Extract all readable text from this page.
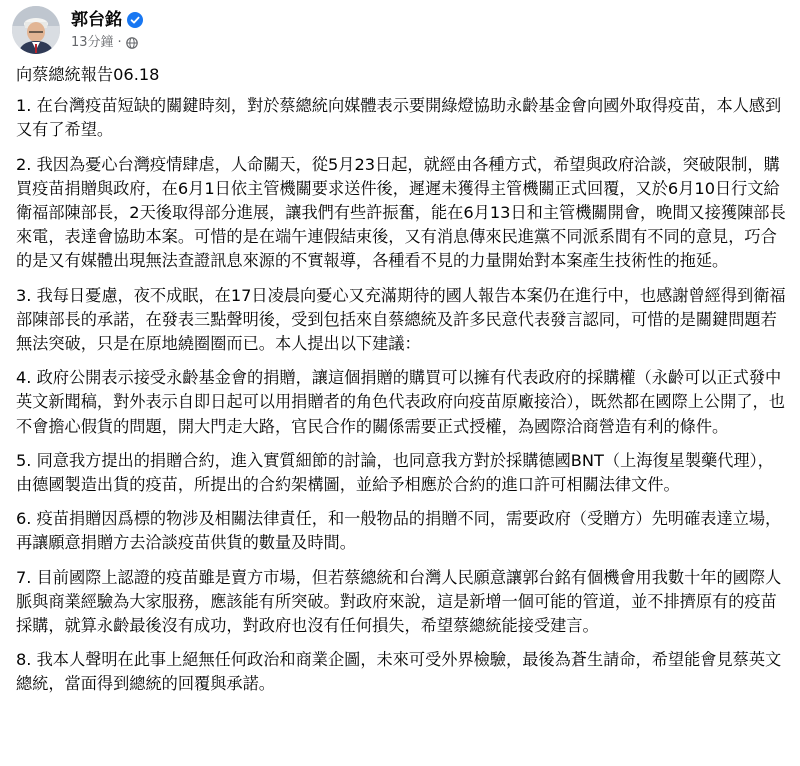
郭台銘
13分鐘 ·

向蔡總統報告06.18

1. 在台灣疫苗短缺的關鍵時刻，對於蔡總統向媒體表示要開綠燈協助永齡基金會向國外取得疫苗，本人感到又有了希望。

2. 我因為憂心台灣疫情肆虐，人命關天，從5月23日起，就經由各種方式，希望與政府洽談，突破限制，購買疫苗捐贈與政府，在6月1日依主管機關要求送件後，遲遲未獲得主管機關正式回覆，又於6月10日行文給衛福部陳部長，2天後取得部分進展，讓我們有些許振奮，能在6月13日和主管機關開會，晚間又接獲陳部長來電，表達會協助本案。可惜的是在端午連假結束後，又有消息傳來民進黨不同派系間有不同的意見，巧合的是又有媒體出現無法查證訊息來源的不實報導，各種看不見的力量開始對本案產生技術性的拖延。

3. 我每日憂慮，夜不成眠，在17日凌晨向憂心又充滿期待的國人報告本案仍在進行中，也感謝曾經得到衛福部陳部長的承諾，在發表三點聲明後，受到包括來自蔡總統及許多民意代表發言認同，可惜的是關鍵問題若無法突破，只是在原地繞圈圈而已。本人提出以下建議：

4. 政府公開表示接受永齡基金會的捐贈，讓這個捐贈的購買可以擁有代表政府的採購權（永齡可以正式發中英文新聞稿，對外表示自即日起可以用捐贈者的角色代表政府向疫苗原廠接洽），既然都在國際上公開了，也不會擔心假貨的問題，開大門走大路，官民合作的關係需要正式授權，為國際洽商營造有利的條件。

5. 同意我方提出的捐贈合約，進入實質細節的討論，也同意我方對於採購德國BNT（上海復星製藥代理），由德國製造出貨的疫苗，所提出的合約架構圖，並給予相應於合約的進口許可相關法律文件。

6. 疫苗捐贈因爲標的物涉及相關法律責任，和一般物品的捐贈不同，需要政府（受贈方）先明確表達立場，再讓願意捐贈方去洽談疫苗供貨的數量及時間。

7. 目前國際上認證的疫苗雖是賣方市場，但若蔡總統和台灣人民願意讓郭台銘有個機會用我數十年的國際人脈與商業經驗為大家服務，應該能有所突破。對政府來說，這是新增一個可能的管道，並不排擠原有的疫苗採購，就算永齡最後沒有成功，對政府也沒有任何損失，希望蔡總統能接受建言。

8. 我本人聲明在此事上絕無任何政治和商業企圖，未來可受外界檢驗，最後為蒼生請命，希望能會見蔡英文總統，當面得到總統的回覆與承諾。
